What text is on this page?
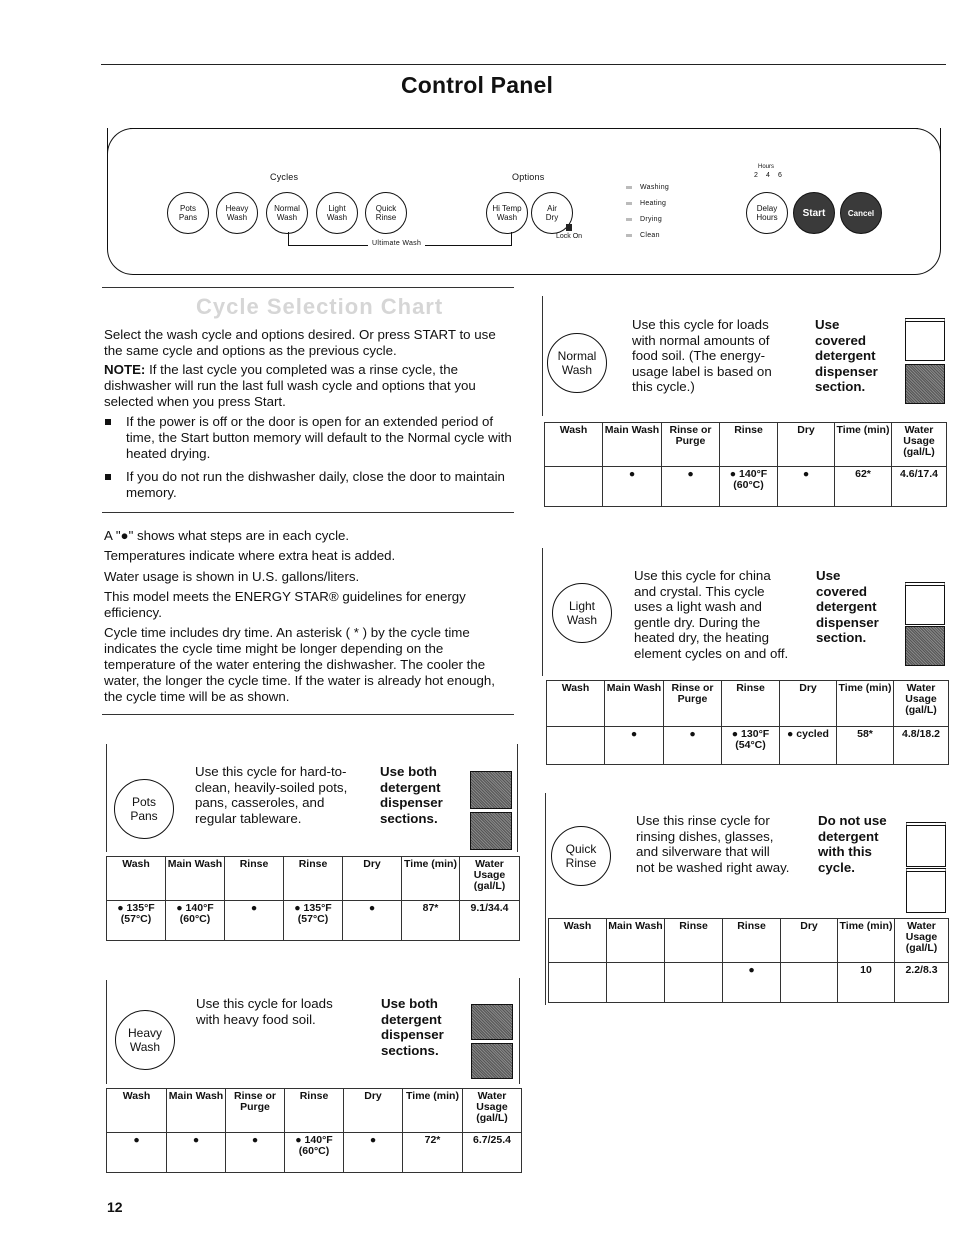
Control Panel
Cycles	Options
Pots
Pans
Heavy
Wash
Normal
Wash
Light
Wash
Quick
Rinse
Hi Temp
Wash
Air
Dry
Ultimate Wash
Lock On
Washing
Heating
Drying
Clean
Hours
2 4 6
Delay
Hours Start	Cancel
Cycle Selection Chart
Select the wash cycle and options desired. Or press START to use the same cycle and options as the previous cycle.
NOTE: If the last cycle you completed was a rinse cycle, the dishwasher will run the last full wash cycle and options that you selected when you press Start.
If the power is off or the door is open for an extended period of time, the Start button memory will default to the Normal cycle with heated drying.
If you do not run the dishwasher daily, close the door to maintain memory.
A "●" shows what steps are in each cycle.
Temperatures indicate where extra heat is added.
Water usage is shown in U.S. gallons/liters.
This model meets the ENERGY STAR® guidelines for energy efficiency.
Cycle time includes dry time. An asterisk ( * ) by the cycle time indicates the cycle time might be longer depending on the temperature of the water entering the dishwasher. The cooler the water, the longer the cycle time. If the water is already hot enough, the cycle time will be as shown.
Normal
Wash
Use this cycle for loads
with normal amounts of
food soil. (The energy-
usage label is based on
this cycle.)
Use
covered
detergent
dispenser
section.
Wash	Main Wash	Rinse or Purge	Rinse	Dry	Time (min)	Water Usage (gal/L)
	●	●	● 140°F (60°C)	●	62*	4.6/17.4
Light
Wash
Use this cycle for china
and crystal. This cycle
uses a light wash and
gentle dry. During the
heated dry, the heating
element cycles on and off.
Use
covered
detergent
dispenser
section.
Wash	Main Wash	Rinse or Purge	Rinse	Dry	Time (min)	Water Usage (gal/L)
	●	●	● 130°F (54°C)	● cycled	58*	4.8/18.2
Quick
Rinse
Use this rinse cycle for
rinsing dishes, glasses,
and silverware that will
not be washed right away.
Do not use
detergent
with this
cycle.
Wash	Main Wash	Rinse	Rinse	Dry	Time (min)	Water Usage (gal/L)
			●		10	2.2/8.3
Pots
Pans
Use this cycle for hard-to-
clean, heavily-soiled pots,
pans, casseroles, and
regular tableware.
Use both
detergent
dispenser
sections.
Wash	Main Wash	Rinse	Rinse	Dry	Time (min)	Water Usage (gal/L)
● 135°F (57°C)	● 140°F (60°C)	●	● 135°F (57°C)	●	87*	9.1/34.4
Heavy
Wash
Use this cycle for loads
with heavy food soil.
Use both
detergent
dispenser
sections.
Wash	Main Wash	Rinse or Purge	Rinse	Dry	Time (min)	Water Usage (gal/L)
●	●	●	● 140°F (60°C)	●	72*	6.7/25.4
12
